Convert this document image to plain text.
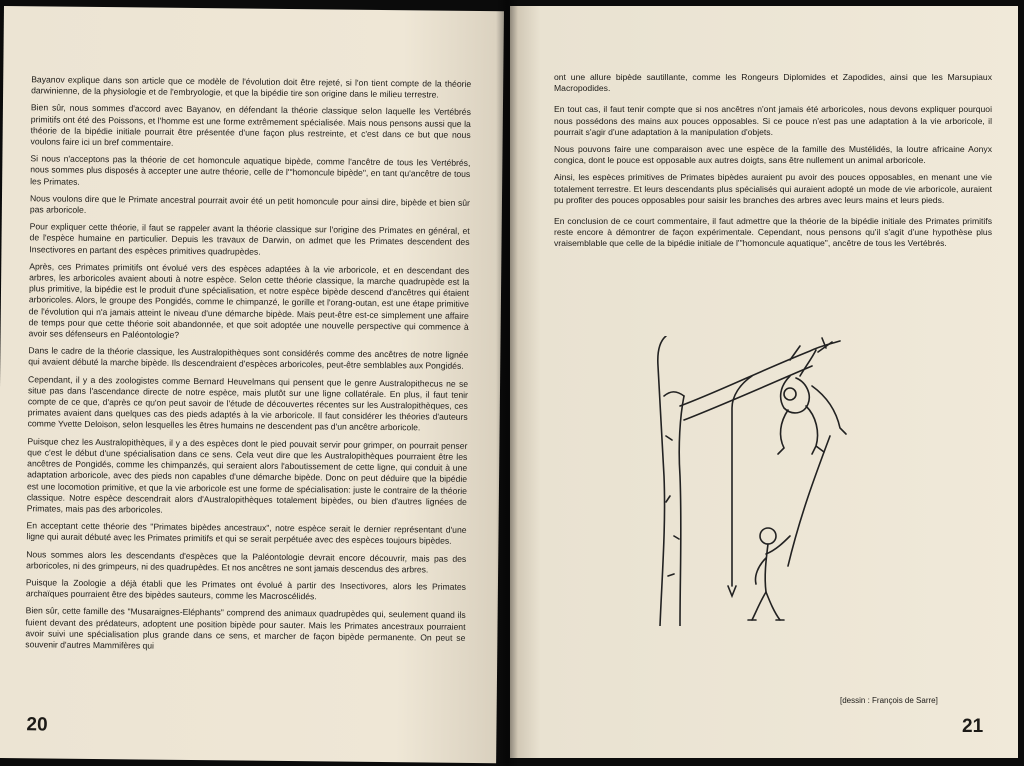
Bayanov explique dans son article que ce modèle de l'évolution doit être rejeté, si l'on tient compte de la théorie darwinienne, de la physiologie et de l'embryologie, et que la bipédie tire son origine dans le milieu terrestre.

Bien sûr, nous sommes d'accord avec Bayanov, en défendant la théorie classique selon laquelle les Vertébrés primitifs ont été des Poissons, et l'homme est une forme extrêmement spécialisée. Mais nous pensons aussi que la théorie de la bipédie initiale pourrait être présentée d'une façon plus restreinte, et c'est dans ce but que nous voulons faire ici un bref commentaire.

Si nous n'acceptons pas la théorie de cet homoncule aquatique bipède, comme l'ancêtre de tous les Vertébrés, nous sommes plus disposés à accepter une autre théorie, celle de l'"homoncule bipède", en tant qu'ancêtre de tous les Primates.

Nous voulons dire que le Primate ancestral pourrait avoir été un petit homoncule pour ainsi dire, bipède et bien sûr pas arboricole.

Pour expliquer cette théorie, il faut se rappeler avant la théorie classique sur l'origine des Primates en général, et de l'espèce humaine en particulier. Depuis les travaux de Darwin, on admet que les Primates descendent des Insectivores en partant des espèces primitives quadrupèdes.

Après, ces Primates primitifs ont évolué vers des espèces adaptées à la vie arboricole, et en descendant des arbres, les arboricoles avaient abouti à notre espèce. Selon cette théorie classique, la marche quadrupède est la plus primitive, la bipédie est le produit d'une spécialisation, et notre espèce bipède descend d'ancêtres qui étaient arboricoles. Alors, le groupe des Pongidés, comme le chimpanzé, le gorille et l'orang-outan, est une étape primitive de l'évolution qui n'a jamais atteint le niveau d'une démarche bipède. Mais peut-être est-ce simplement une affaire de temps pour que cette théorie soit abandonnée, et que soit adoptée une nouvelle perspective qui commence à avoir ses défenseurs en Paléontologie?

Dans le cadre de la théorie classique, les Australopithèques sont considérés comme des ancêtres de notre lignée qui avaient débuté la marche bipède. Ils descendraient d'espèces arboricoles, peut-être semblables aux Pongidés.

Cependant, il y a des zoologistes comme Bernard Heuvelmans qui pensent que le genre Australopithecus ne se situe pas dans l'ascendance directe de notre espèce, mais plutôt sur une ligne collatérale. En plus, il faut tenir compte de ce que, d'après ce qu'on peut savoir de l'étude de découvertes récentes sur les Australopithèques, ces primates avaient dans quelques cas des pieds adaptés à la vie arboricole. Il faut considérer les théories d'auteurs comme Yvette Deloison, selon lesquelles les êtres humains ne descendent pas d'un ancêtre arboricole.

Puisque chez les Australopithèques, il y a des espèces dont le pied pouvait servir pour grimper, on pourrait penser que c'est le début d'une spécialisation dans ce sens. Cela veut dire que les Australopithèques pourraient être les ancêtres de Pongidés, comme les chimpanzés, qui seraient alors l'aboutissement de cette ligne, qui conduit à une adaptation arboricole, avec des pieds non capables d'une démarche bipède. Donc on peut déduire que la bipédie est une locomotion primitive, et que la vie arboricole est une forme de spécialisation: juste le contraire de la théorie classique. Notre espèce descendrait alors d'Australopithèques totalement bipèdes, ou bien d'autres lignées de Primates, mais pas des arboricoles.

En acceptant cette théorie des "Primates bipèdes ancestraux", notre espèce serait le dernier représentant d'une ligne qui aurait débuté avec les Primates primitifs et qui se serait perpétuée avec des espèces toujours bipèdes.

Nous sommes alors les descendants d'espèces que la Paléontologie devrait encore découvrir, mais pas des arboricoles, ni des grimpeurs, ni des quadrupèdes. Et nos ancêtres ne sont jamais descendus des arbres.

Puisque la Zoologie a déjà établi que les Primates ont évolué à partir des Insectivores, alors les Primates archaïques pourraient être des bipèdes sauteurs, comme les Macroscélidés.

Bien sûr, cette famille des "Musaraignes-Eléphants" comprend des animaux quadrupèdes qui, seulement quand ils fuient devant des prédateurs, adoptent une position bipède pour sauter. Mais les Primates ancestraux pourraient avoir suivi une spécialisation plus grande dans ce sens, et marcher de façon bipède permanente. On peut se souvenir d'autres Mammifères qui

20

ont une allure bipède sautillante, comme les Rongeurs Diplomides et Zapodides, ainsi que les Marsupiaux Macropodides.

En tout cas, il faut tenir compte que si nos ancêtres n'ont jamais été arboricoles, nous devons expliquer pourquoi nous possédons des mains aux pouces opposables. Si ce pouce n'est pas une adaptation à la vie arboricole, il pourrait s'agir d'une adaptation à la manipulation d'objets.

Nous pouvons faire une comparaison avec une espèce de la famille des Mustélidés, la loutre africaine Aonyx congica, dont le pouce est opposable aux autres doigts, sans être nullement un animal arboricole.

Ainsi, les espèces primitives de Primates bipèdes auraient pu avoir des pouces opposables, en menant une vie totalement terrestre. Et leurs descendants plus spécialisés qui auraient adopté un mode de vie arboricole, auraient pu profiter des pouces opposables pour saisir les branches des arbres avec leurs mains et leurs pieds.

En conclusion de ce court commentaire, il faut admettre que la théorie de la bipédie initiale des Primates primitifs reste encore à démontrer de façon expérimentale. Cependant, nous pensons qu'il s'agit d'une hypothèse plus vraisemblable que celle de la bipédie initiale de l'"homoncule aquatique", ancêtre de tous les Vertébrés.

[dessin : François de Sarre]
21
